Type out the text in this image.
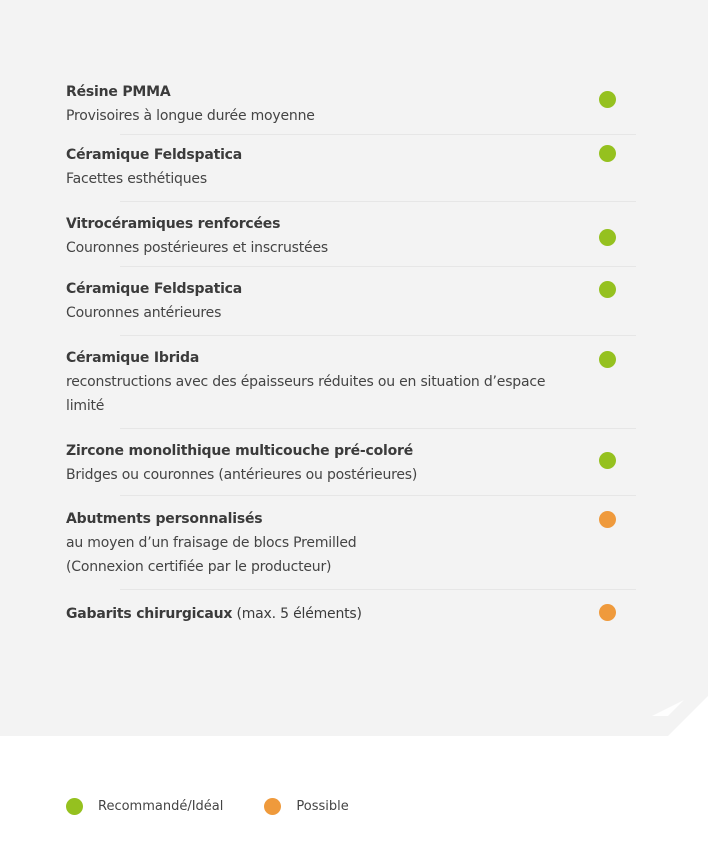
Résine PMMA
Provisoires à longue durée moyenne
Céramique Feldspatica
Facettes esthétiques
Vitrocéramiques renforcées
Couronnes postérieures et inscrustées
Céramique Feldspatica
Couronnes antérieures
Céramique Ibrida
reconstructions avec des épaisseurs réduites ou en situation d’espace limité
Zircone monolithique multicouche pré-coloré
Bridges ou couronnes (antérieures ou postérieures)
Abutments personnalisés
au moyen d’un fraisage de blocs Premilled
(Connexion certifiée par le producteur)
Gabarits chirurgicaux (max. 5 éléments)
Recommandé/Idéal	Possible
